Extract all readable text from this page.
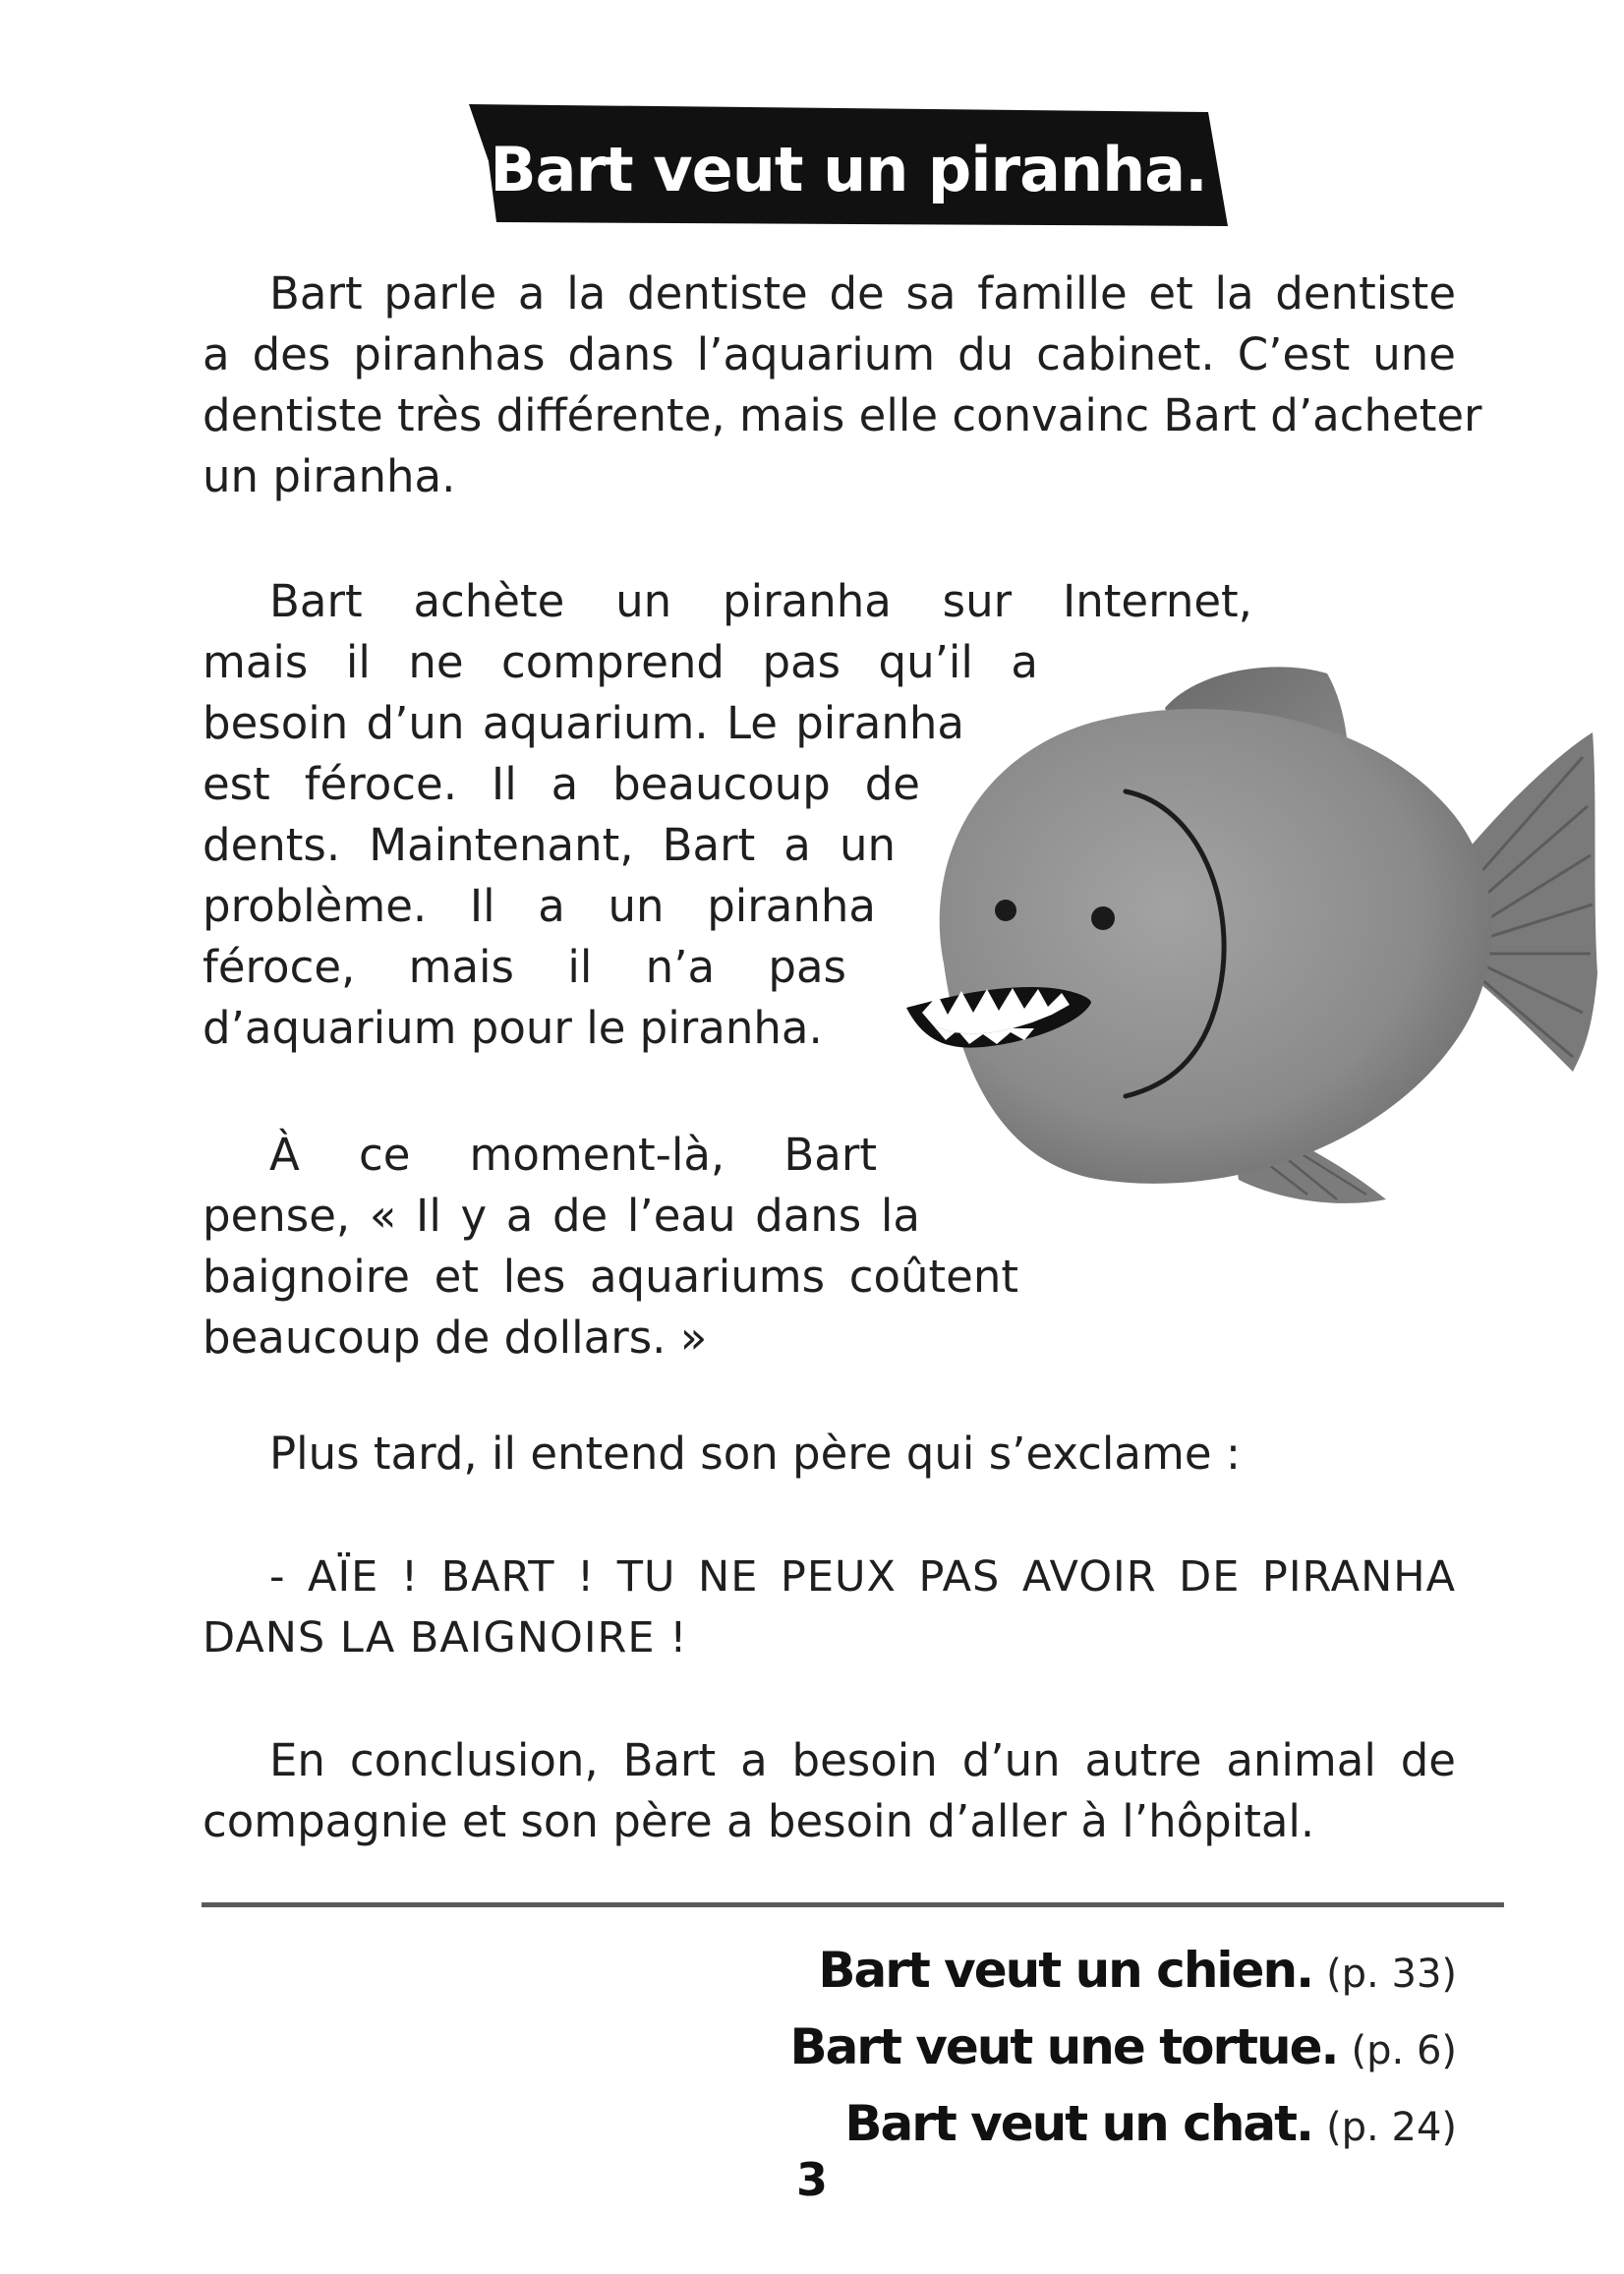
Bart veut un piranha.
Bart parle a la dentiste de sa famille et la dentiste
a des piranhas dans l’aquarium du cabinet. C’est une
dentiste très différente, mais elle convainc Bart d’acheter
un piranha.
Bart achète un piranha sur Internet,
mais il ne comprend pas qu’il a
besoin d’un aquarium. Le piranha
est féroce. Il a beaucoup de
dents. Maintenant, Bart a un
problème. Il a un piranha
féroce, mais il n’a pas
d’aquarium pour le piranha.
À ce moment-là, Bart
pense, « Il y a de l’eau dans la
baignoire et les aquariums coûtent
beaucoup de dollars. »
Plus tard, il entend son père qui s’exclame :
- AÏE ! BART ! TU NE PEUX PAS AVOIR DE PIRANHA
DANS LA BAIGNOIRE !
En conclusion, Bart a besoin d’un autre animal de
compagnie et son père a besoin d’aller à l’hôpital.
Bart veut un chien. (p. 33)
Bart veut une tortue. (p. 6)
Bart veut un chat. (p. 24)
3
